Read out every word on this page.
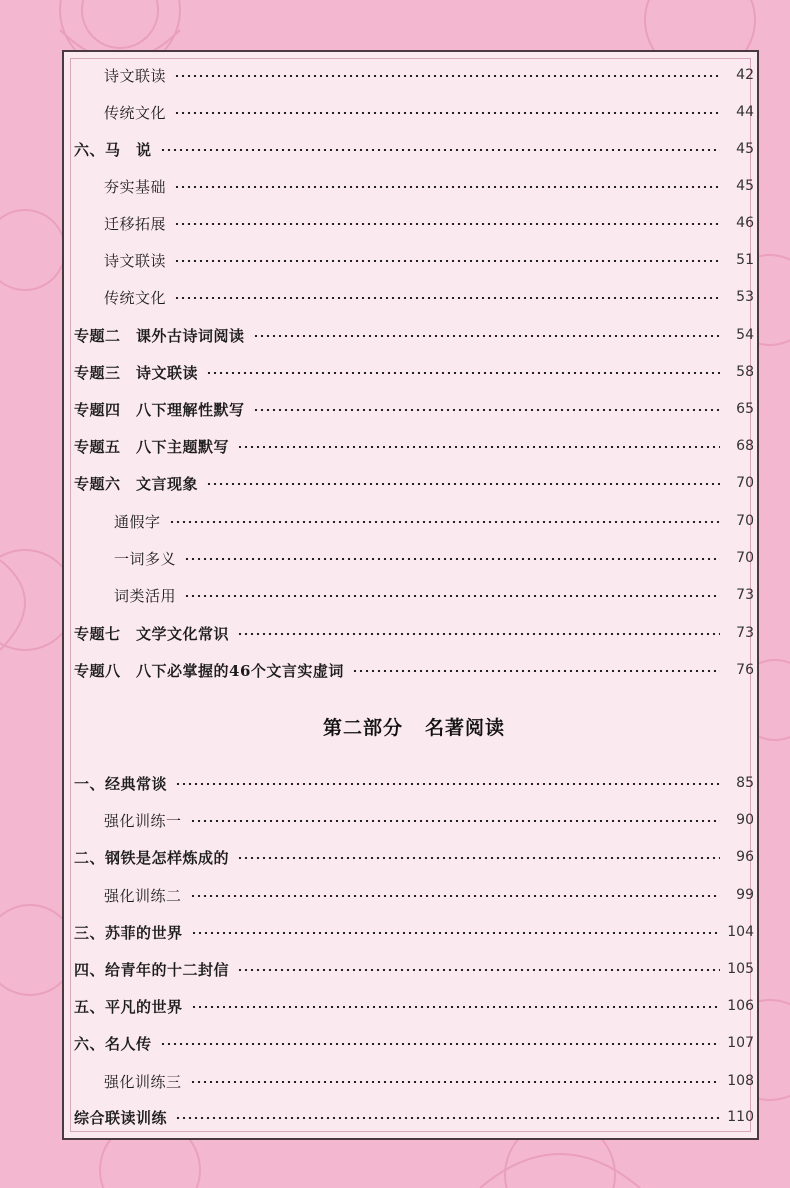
诗文联读	42
传统文化	44
六、马　说	45
夯实基础	45
迁移拓展	46
诗文联读	51
传统文化	53
专题二　课外古诗词阅读	54
专题三　诗文联读	58
专题四　八下理解性默写	65
专题五　八下主题默写	68
专题六　文言现象	70
通假字	70
一词多义	70
词类活用	73
专题七　文学文化常识	73
专题八　八下必掌握的46个文言实虚词	76
一、经典常谈	85
强化训练一	90
二、钢铁是怎样炼成的	96
强化训练二	99
三、苏菲的世界	104
四、给青年的十二封信	105
五、平凡的世界	106
六、名人传	107
强化训练三	108
综合联读训练	110
第二部分 名著阅读
